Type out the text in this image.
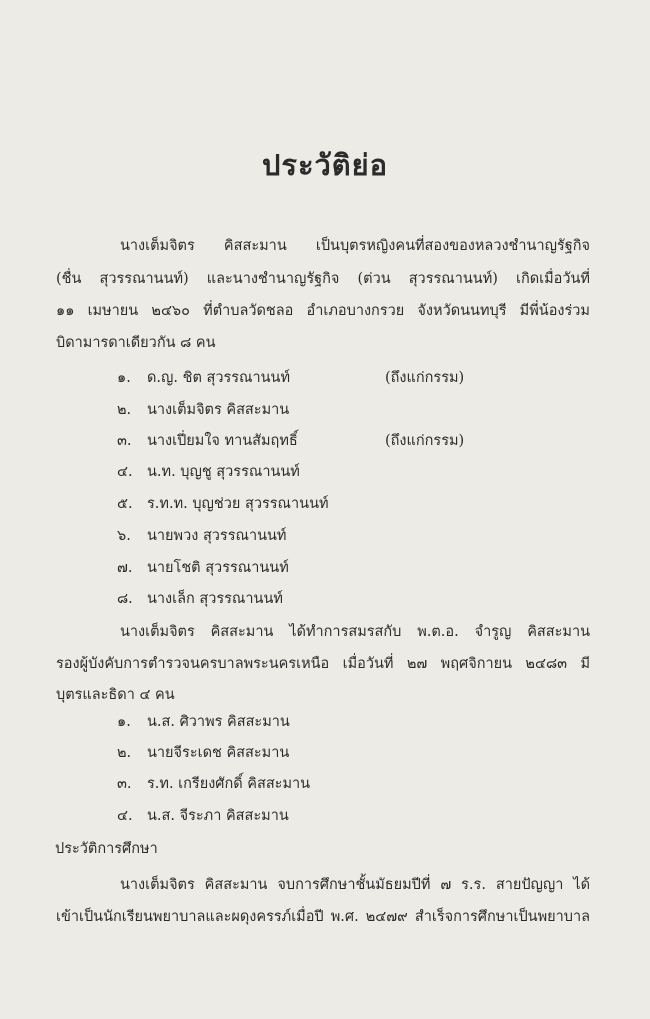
ประวัติย่อ
นางเต็มจิตร คิสสะมาน เป็นบุตรหญิงคนที่สองของหลวงชำนาญรัฐกิจ
(ชื่น สุวรรณานนท์) และนางชำนาญรัฐกิจ (ต่วน สุวรรณานนท์) เกิดเมื่อวันที่
๑๑ เมษายน ๒๔๖๐ ที่ตำบลวัดชลอ อำเภอบางกรวย จังหวัดนนทบุรี มีพี่น้องร่วม
บิดามารดาเดียวกัน ๘ คน
๑. ด.ญ. ชิต สุวรรณานนท์	(ถึงแก่กรรม)
๒. นางเต็มจิตร คิสสะมาน
๓. นางเปี่ยมใจ ทานสัมฤทธิ์	(ถึงแก่กรรม)
๔. น.ท. บุญชู สุวรรณานนท์
๕. ร.ท.ท. บุญช่วย สุวรรณานนท์
๖. นายพวง สุวรรณานนท์
๗. นายโชติ สุวรรณานนท์
๘. นางเล็ก สุวรรณานนท์
นางเต็มจิตร คิสสะมาน ได้ทำการสมรสกับ พ.ต.อ. จำรูญ คิสสะมาน
รองผู้บังคับการตำรวจนครบาลพระนครเหนือ เมื่อวันที่ ๒๗ พฤศจิกายน ๒๔๘๓ มี
บุตรและธิดา ๔ คน
๑. น.ส. ศิวาพร คิสสะมาน
๒. นายจีระเดช คิสสะมาน
๓. ร.ท. เกรียงศักดิ์ คิสสะมาน
๔. น.ส. จีระภา คิสสะมาน
ประวัติการศึกษา
นางเต็มจิตร คิสสะมาน จบการศึกษาชั้นมัธยมปีที่ ๗ ร.ร. สายปัญญา ได้
เข้าเป็นนักเรียนพยาบาลและผดุงครรภ์เมื่อปี พ.ศ. ๒๔๗๙ สำเร็จการศึกษาเป็นพยาบาล
